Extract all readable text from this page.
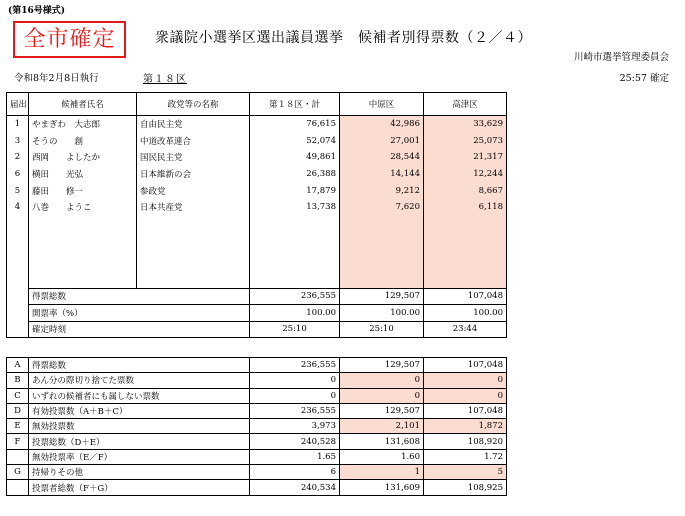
(第16号様式)
全市確定	衆議院小選挙区選出議員選挙　候補者別得票数（２／４）
川崎市選挙管理委員会
令和8年2月8日執行	第１８区	25:57 確定
届出	候補者氏名	政党等の名称	第１８区・計	中原区	高津区
1	やまぎわ　大志郎	自由民主党	76,615	42,986	33,629
3	そうの　　創	中道改革連合	52,074	27,001	25,073
2	西岡　　よしたか	国民民主党	49,861	28,544	21,317
6	横田　　光弘	日本維新の会	26,388	14,144	12,244
5	藤田　　修一	参政党	17,879	9,212	8,667
4	八巻　　ようこ	日本共産党	13,738	7,620	6,118

	得票総数		236,555	129,507	107,048
	開票率（%）		100.00	100.00	100.00
	確定時刻		25:10	25:10	23:44
A	得票総数	236,555	129,507	107,048
B	あん分の際切り捨てた票数	0	0	0
C	いずれの候補者にも属しない票数	0	0	0
D	有効投票数（A＋B＋C）	236,555	129,507	107,048
E	無効投票数	3,973	2,101	1,872
F	投票総数（D＋E）	240,528	131,608	108,920
	無効投票率（E／F）	1.65	1.60	1.72
G	持帰りその他	6	1	5
	投票者総数（F＋G）	240,534	131,609	108,925
